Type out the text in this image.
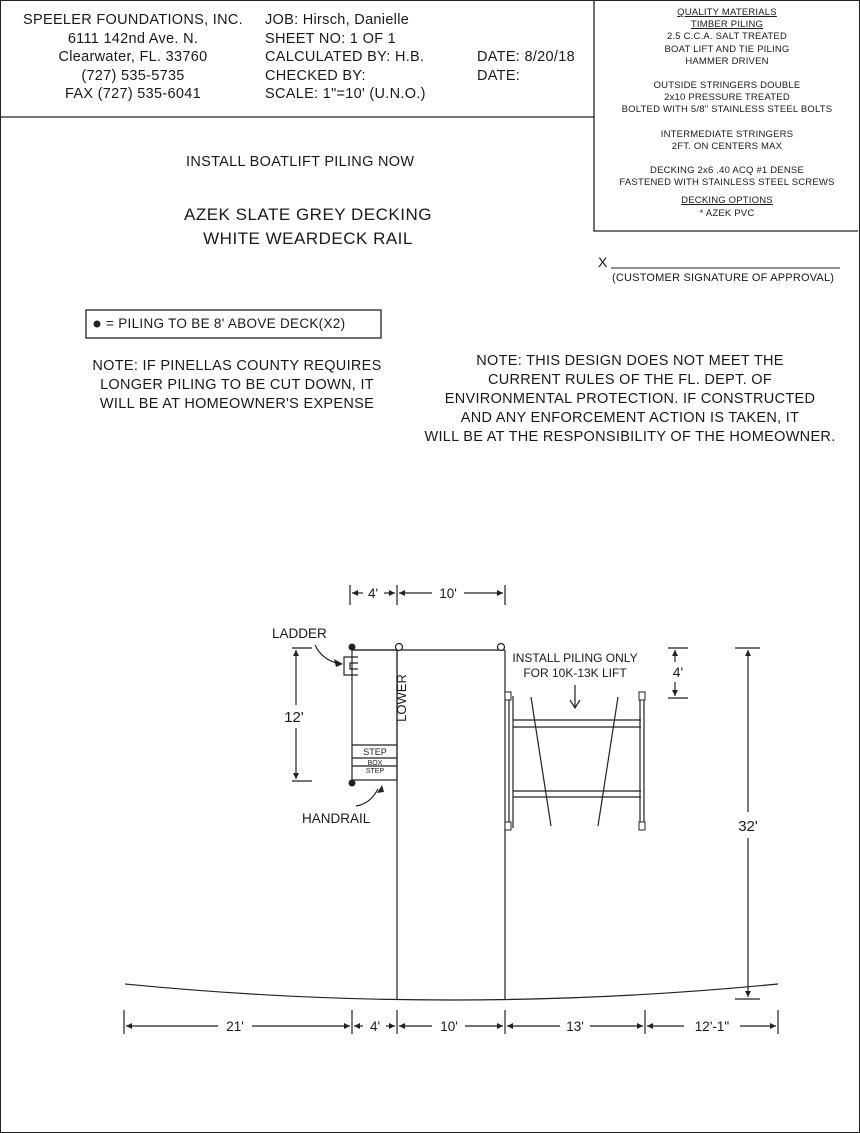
SPEELER FOUNDATIONS, INC.
6111 142nd Ave. N.
Clearwater, FL. 33760
(727) 535-5735
FAX (727) 535-6041
JOB: Hirsch, Danielle
SHEET NO: 1 OF 1
CALCULATED BY: H.B.
CHECKED BY:
SCALE: 1"=10' (U.N.O.)
DATE: 8/20/18
DATE:
QUALITY MATERIALS
TIMBER PILING
2.5 C.C.A. SALT TREATED
BOAT LIFT AND TIE PILING
HAMMER DRIVEN
OUTSIDE STRINGERS DOUBLE
2x10 PRESSURE TREATED
BOLTED WITH 5/8" STAINLESS STEEL BOLTS
INTERMEDIATE STRINGERS
2FT. ON CENTERS MAX
DECKING 2x6 .40 ACQ #1 DENSE
FASTENED WITH STAINLESS STEEL SCREWS
DECKING OPTIONS
* AZEK PVC
INSTALL BOATLIFT PILING NOW
AZEK SLATE GREY DECKING
WHITE WEARDECK RAIL
X
(CUSTOMER SIGNATURE OF APPROVAL)
= PILING TO BE 8' ABOVE DECK(X2)
NOTE: IF PINELLAS COUNTY REQUIRES
LONGER PILING TO BE CUT DOWN, IT
WILL BE AT HOMEOWNER'S EXPENSE
NOTE: THIS DESIGN DOES NOT MEET THE
CURRENT RULES OF THE FL. DEPT. OF
ENVIRONMENTAL PROTECTION. IF CONSTRUCTED
AND ANY ENFORCEMENT ACTION IS TAKEN, IT
WILL BE AT THE RESPONSIBILITY OF THE HOMEOWNER.
4'	10'
LADDER
HANDRAIL
12'	LOWER
STEP
BOX
STEP
INSTALL PILING ONLY
FOR 10K-13K LIFT	4'
32'
21'	4'	10'	13'	12'-1"
